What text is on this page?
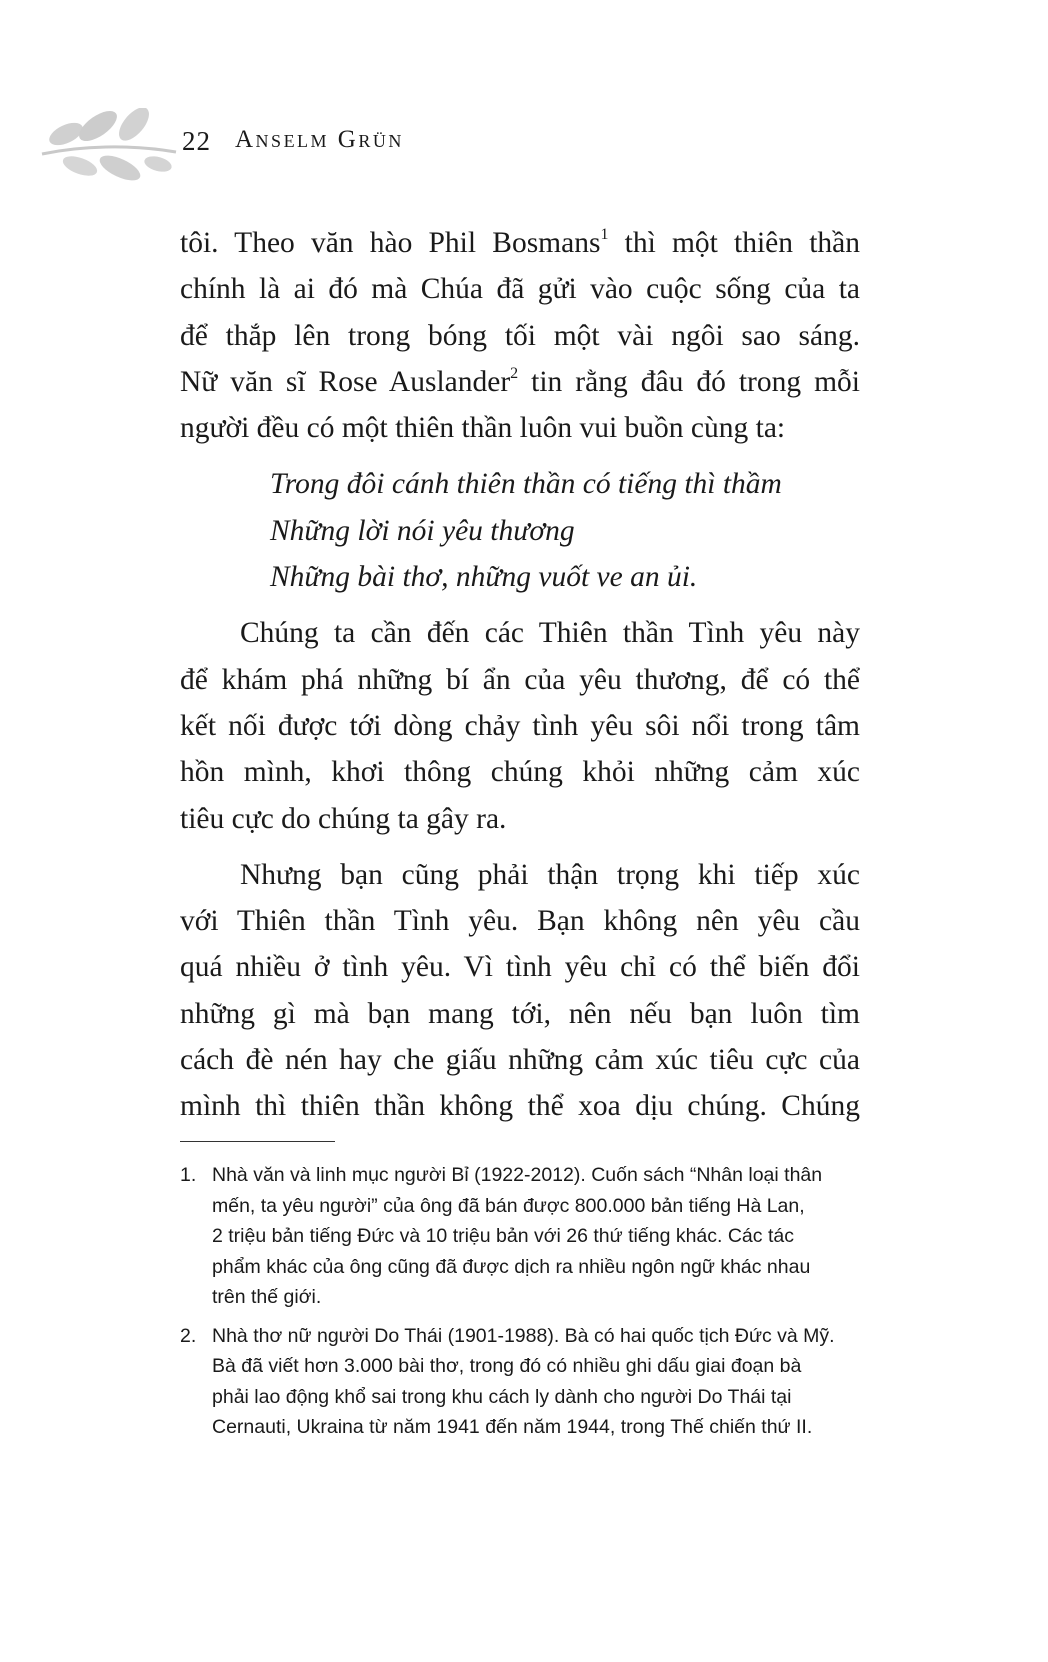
22 Anselm Grün

tôi. Theo văn hào Phil Bosmans$^1$ thì một thiên thần
chính là ai đó mà Chúa đã gửi vào cuộc sống của ta
để thắp lên trong bóng tối một vài ngôi sao sáng.
Nữ văn sĩ Rose Auslander$^2$ tin rằng đâu đó trong mỗi
người đều có một thiên thần luôn vui buồn cùng ta:

Trong đôi cánh thiên thần có tiếng thì thầm
Những lời nói yêu thương
Những bài thơ, những vuốt ve an ủi.

Chúng ta cần đến các Thiên thần Tình yêu này
để khám phá những bí ẩn của yêu thương, để có thể
kết nối được tới dòng chảy tình yêu sôi nổi trong tâm
hồn mình, khơi thông chúng khỏi những cảm xúc
tiêu cực do chúng ta gây ra.

Nhưng bạn cũng phải thận trọng khi tiếp xúc
với Thiên thần Tình yêu. Bạn không nên yêu cầu
quá nhiều ở tình yêu. Vì tình yêu chỉ có thể biến đổi
những gì mà bạn mang tới, nên nếu bạn luôn tìm
cách đè nén hay che giấu những cảm xúc tiêu cực của
mình thì thiên thần không thể xoa dịu chúng. Chúng

1. Nhà văn và linh mục người Bỉ (1922-2012). Cuốn sách “Nhân loại thân
mến, ta yêu người” của ông đã bán được 800.000 bản tiếng Hà Lan,
2 triệu bản tiếng Đức và 10 triệu bản với 26 thứ tiếng khác. Các tác
phẩm khác của ông cũng đã được dịch ra nhiều ngôn ngữ khác nhau
trên thế giới.
2. Nhà thơ nữ người Do Thái (1901-1988). Bà có hai quốc tịch Đức và Mỹ.
Bà đã viết hơn 3.000 bài thơ, trong đó có nhiều ghi dấu giai đoạn bà
phải lao động khổ sai trong khu cách ly dành cho người Do Thái tại
Cernauti, Ukraina từ năm 1941 đến năm 1944, trong Thế chiến thứ II.
